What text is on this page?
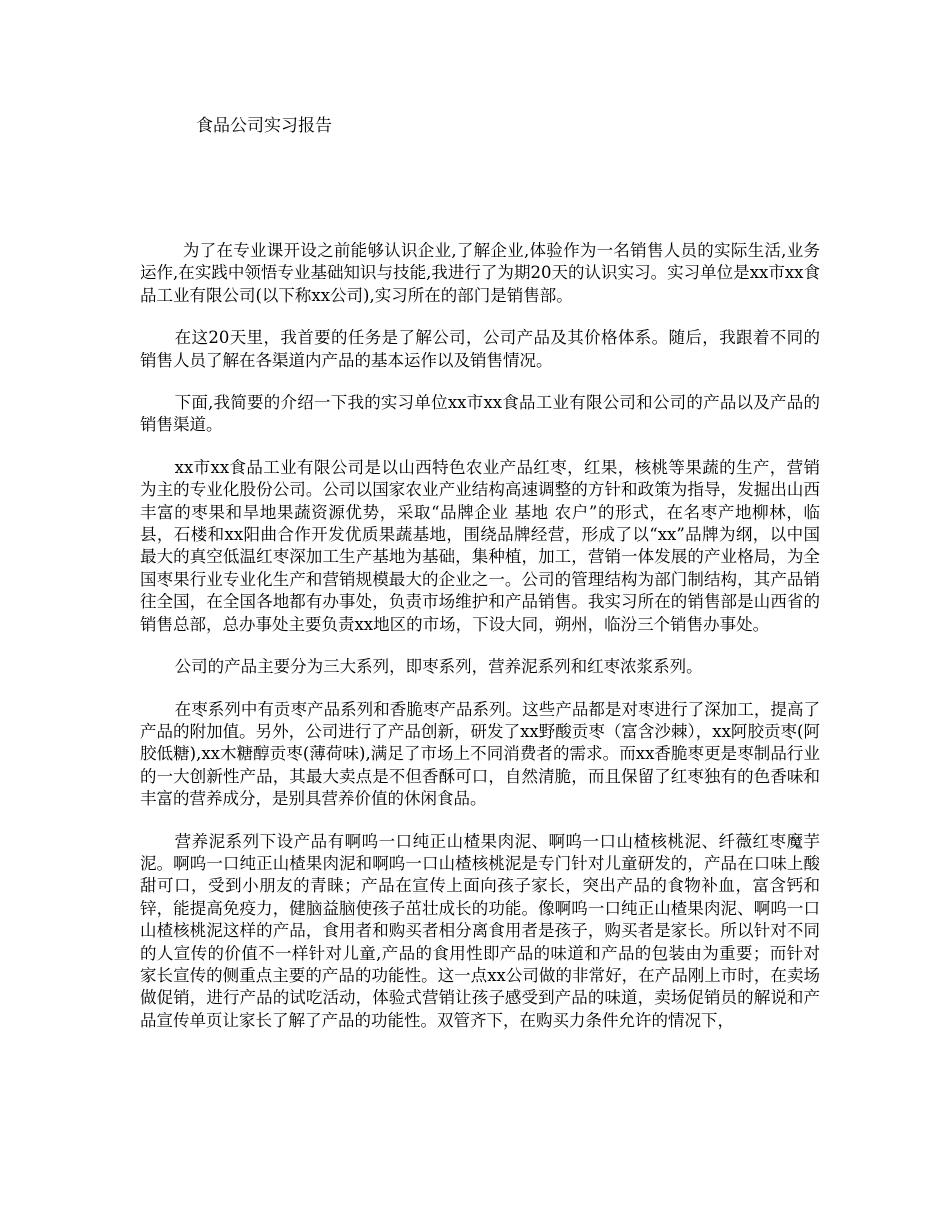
食品公司实习报告

为了在专业课开设之前能够认识企业,了解企业,体验作为一名销售人员的实际生活,业务运作,在实践中领悟专业基础知识与技能,我进行了为期20天的认识实习。实习单位是xx市xx食品工业有限公司(以下称xx公司),实习所在的部门是销售部。

在这20天里，我首要的任务是了解公司，公司产品及其价格体系。随后，我跟着不同的销售人员了解在各渠道内产品的基本运作以及销售情况。

下面,我简要的介绍一下我的实习单位xx市xx食品工业有限公司和公司的产品以及产品的销售渠道。

xx市xx食品工业有限公司是以山西特色农业产品红枣，红果，核桃等果蔬的生产，营销为主的专业化股份公司。公司以国家农业产业结构高速调整的方针和政策为指导，发掘出山西丰富的枣果和旱地果蔬资源优势，采取“品牌企业 基地 农户”的形式，在名枣产地柳林，临县，石楼和xx阳曲合作开发优质果蔬基地，围绕品牌经营，形成了以“xx”品牌为纲，以中国最大的真空低温红枣深加工生产基地为基础，集种植，加工，营销一体发展的产业格局，为全国枣果行业专业化生产和营销规模最大的企业之一。公司的管理结构为部门制结构，其产品销往全国，在全国各地都有办事处，负责市场维护和产品销售。我实习所在的销售部是山西省的销售总部，总办事处主要负责xx地区的市场，下设大同，朔州，临汾三个销售办事处。

公司的产品主要分为三大系列，即枣系列，营养泥系列和红枣浓浆系列。

在枣系列中有贡枣产品系列和香脆枣产品系列。这些产品都是对枣进行了深加工，提高了产品的附加值。另外，公司进行了产品创新，研发了xx野酸贡枣（富含沙棘），xx阿胶贡枣(阿胶低糖),xx木糖醇贡枣(薄荷味),满足了市场上不同消费者的需求。而xx香脆枣更是枣制品行业的一大创新性产品，其最大卖点是不但香酥可口，自然清脆，而且保留了红枣独有的色香味和丰富的营养成分，是别具营养价值的休闲食品。

营养泥系列下设产品有啊呜一口纯正山楂果肉泥、啊呜一口山楂核桃泥、纤薇红枣魔芋泥。啊呜一口纯正山楂果肉泥和啊呜一口山楂核桃泥是专门针对儿童研发的，产品在口味上酸甜可口，受到小朋友的青睐；产品在宣传上面向孩子家长，突出产品的食物补血，富含钙和锌，能提高免疫力，健脑益脑使孩子茁壮成长的功能。像啊呜一口纯正山楂果肉泥、啊呜一口山楂核桃泥这样的产品，食用者和购买者相分离食用者是孩子，购买者是家长。所以针对不同的人宣传的价值不一样针对儿童,产品的食用性即产品的味道和产品的包装由为重要；而针对家长宣传的侧重点主要的产品的功能性。这一点xx公司做的非常好，在产品刚上市时，在卖场做促销，进行产品的试吃活动，体验式营销让孩子感受到产品的味道，卖场促销员的解说和产品宣传单页让家长了解了产品的功能性。双管齐下，在购买力条件允许的情况下，
